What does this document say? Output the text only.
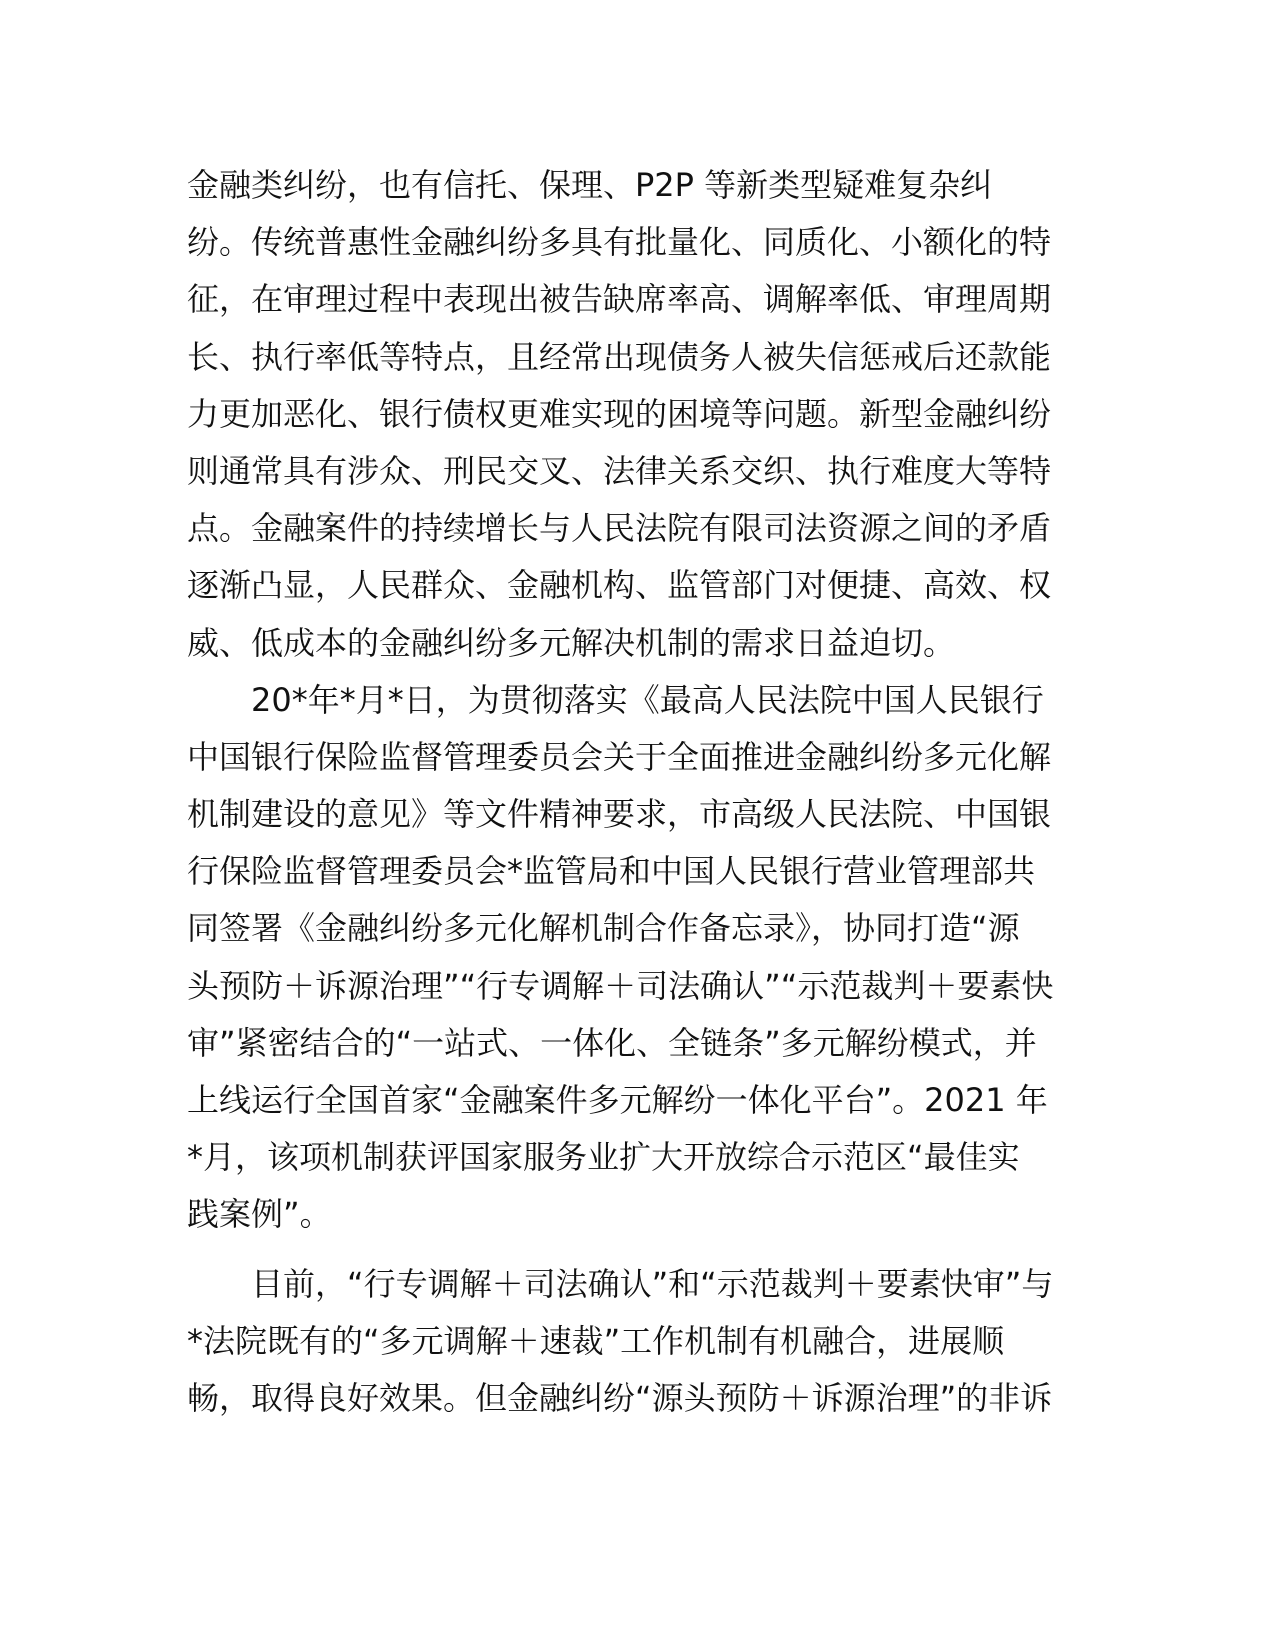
金融类纠纷，也有信托、保理、P2P 等新类型疑难复杂纠
纷。传统普惠性金融纠纷多具有批量化、同质化、小额化的特
征，在审理过程中表现出被告缺席率高、调解率低、审理周期
长、执行率低等特点，且经常出现债务人被失信惩戒后还款能
力更加恶化、银行债权更难实现的困境等问题。新型金融纠纷
则通常具有涉众、刑民交叉、法律关系交织、执行难度大等特
点。金融案件的持续增长与人民法院有限司法资源之间的矛盾
逐渐凸显，人民群众、金融机构、监管部门对便捷、高效、权
威、低成本的金融纠纷多元解决机制的需求日益迫切。
　　20*年*月*日，为贯彻落实《最高人民法院中国人民银行
中国银行保险监督管理委员会关于全面推进金融纠纷多元化解
机制建设的意见》等文件精神要求，市高级人民法院、中国银
行保险监督管理委员会*监管局和中国人民银行营业管理部共
同签署《金融纠纷多元化解机制合作备忘录》，协同打造“源
头预防＋诉源治理”“行专调解＋司法确认”“示范裁判＋要素快
审”紧密结合的“一站式、一体化、全链条”多元解纷模式，并
上线运行全国首家“金融案件多元解纷一体化平台”。2021 年
*月，该项机制获评国家服务业扩大开放综合示范区“最佳实
践案例”。
　　目前，“行专调解＋司法确认”和“示范裁判＋要素快审”与
*法院既有的“多元调解＋速裁”工作机制有机融合，进展顺
畅，取得良好效果。但金融纠纷“源头预防＋诉源治理”的非诉
